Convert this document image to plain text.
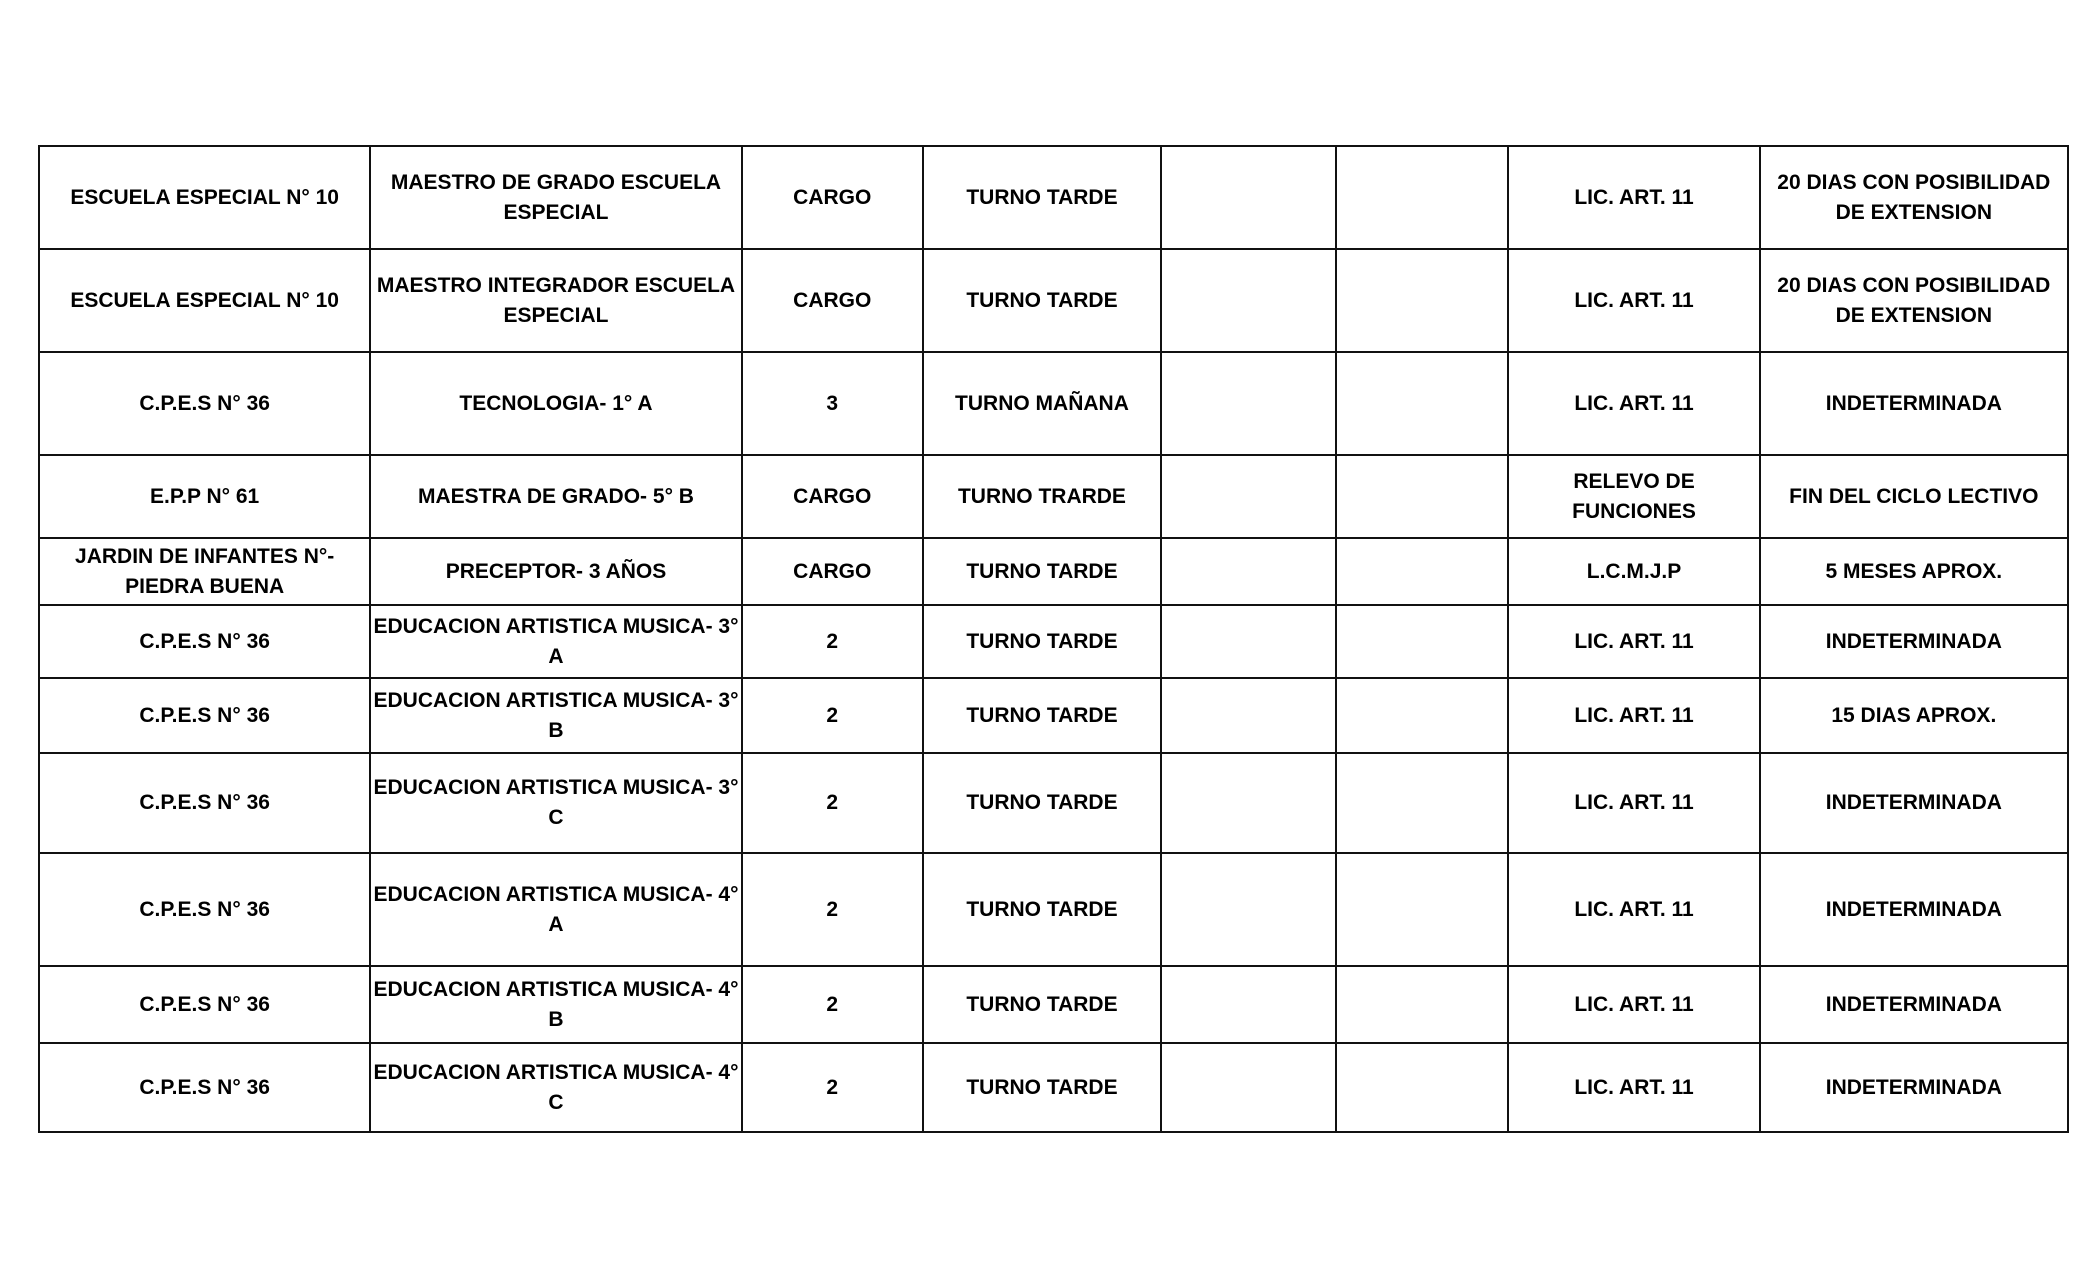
ESCUELA ESPECIAL N° 10	MAESTRO DE GRADO ESCUELA ESPECIAL	CARGO	TURNO TARDE			LIC. ART. 11	20 DIAS CON POSIBILIDAD DE EXTENSION
ESCUELA ESPECIAL N° 10	MAESTRO INTEGRADOR ESCUELA ESPECIAL	CARGO	TURNO TARDE			LIC. ART. 11	20 DIAS CON POSIBILIDAD DE EXTENSION
C.P.E.S N° 36	TECNOLOGIA- 1° A	3	TURNO MAÑANA			LIC. ART. 11	INDETERMINADA
E.P.P N° 61	MAESTRA DE GRADO- 5° B	CARGO	TURNO TRARDE			RELEVO DE FUNCIONES	FIN DEL CICLO LECTIVO
JARDIN DE INFANTES N°- PIEDRA BUENA	PRECEPTOR- 3 AÑOS	CARGO	TURNO TARDE			L.C.M.J.P	5 MESES APROX.
C.P.E.S N° 36	EDUCACION ARTISTICA MUSICA- 3° A	2	TURNO TARDE			LIC. ART. 11	INDETERMINADA
C.P.E.S N° 36	EDUCACION ARTISTICA MUSICA- 3° B	2	TURNO TARDE			LIC. ART. 11	15 DIAS APROX.
C.P.E.S N° 36	EDUCACION ARTISTICA MUSICA- 3° C	2	TURNO TARDE			LIC. ART. 11	INDETERMINADA
C.P.E.S N° 36	EDUCACION ARTISTICA MUSICA- 4° A	2	TURNO TARDE			LIC. ART. 11	INDETERMINADA
C.P.E.S N° 36	EDUCACION ARTISTICA MUSICA- 4° B	2	TURNO TARDE			LIC. ART. 11	INDETERMINADA
C.P.E.S N° 36	EDUCACION ARTISTICA MUSICA- 4° C	2	TURNO TARDE			LIC. ART. 11	INDETERMINADA
